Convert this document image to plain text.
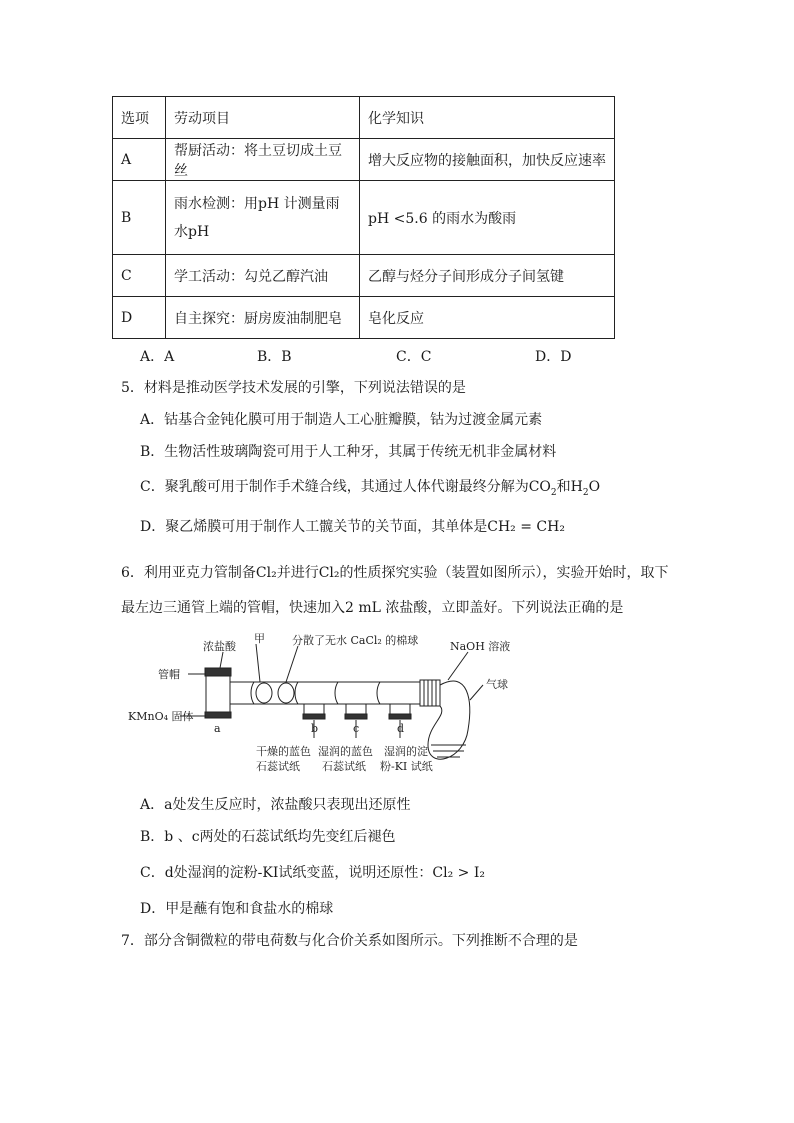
选项	劳动项目	化学知识
A	帮厨活动：将土豆切成土豆丝	增大反应物的接触面积，加快反应速率
B	雨水检测：用pH 计测量雨水pH	pH <5.6 的雨水为酸雨
C	学工活动：勾兑乙醇汽油	乙醇与烃分子间形成分子间氢键
D	自主探究：厨房废油制肥皂	皂化反应
A．A	B．B	C．C	D．D
5．材料是推动医学技术发展的引擎，下列说法错误的是
A．钴基合金钝化膜可用于制造人工心脏瓣膜，钴为过渡金属元素
B．生物活性玻璃陶瓷可用于人工种牙，其属于传统无机非金属材料
C．聚乳酸可用于制作手术缝合线，其通过人体代谢最终分解为$CO_2$和$H_2O$
D．聚乙烯膜可用于制作人工髋关节的关节面，其单体是CH₂ = CH₂
6．利用亚克力管制备Cl₂并进行Cl₂的性质探究实验（装置如图所示），实验开始时，取下
最左边三通管上端的管帽，快速加入2 mL 浓盐酸，立即盖好。下列说法正确的是
管帽
浓盐酸
甲 分散了无水 CaCl₂ 的棉球	NaOH 溶液
气球
KMnO₄ 固体
a	b	c	d
干燥的蓝色
石蕊试纸
湿润的蓝色
石蕊试纸
湿润的淀
粉-KI 试纸
A．a处发生反应时，浓盐酸只表现出还原性
B．b 、c两处的石蕊试纸均先变红后褪色
C．d处湿润的淀粉-KI试纸变蓝，说明还原性：Cl₂ > I₂
D．甲是蘸有饱和食盐水的棉球
7．部分含铜微粒的带电荷数与化合价关系如图所示。下列推断不合理的是
